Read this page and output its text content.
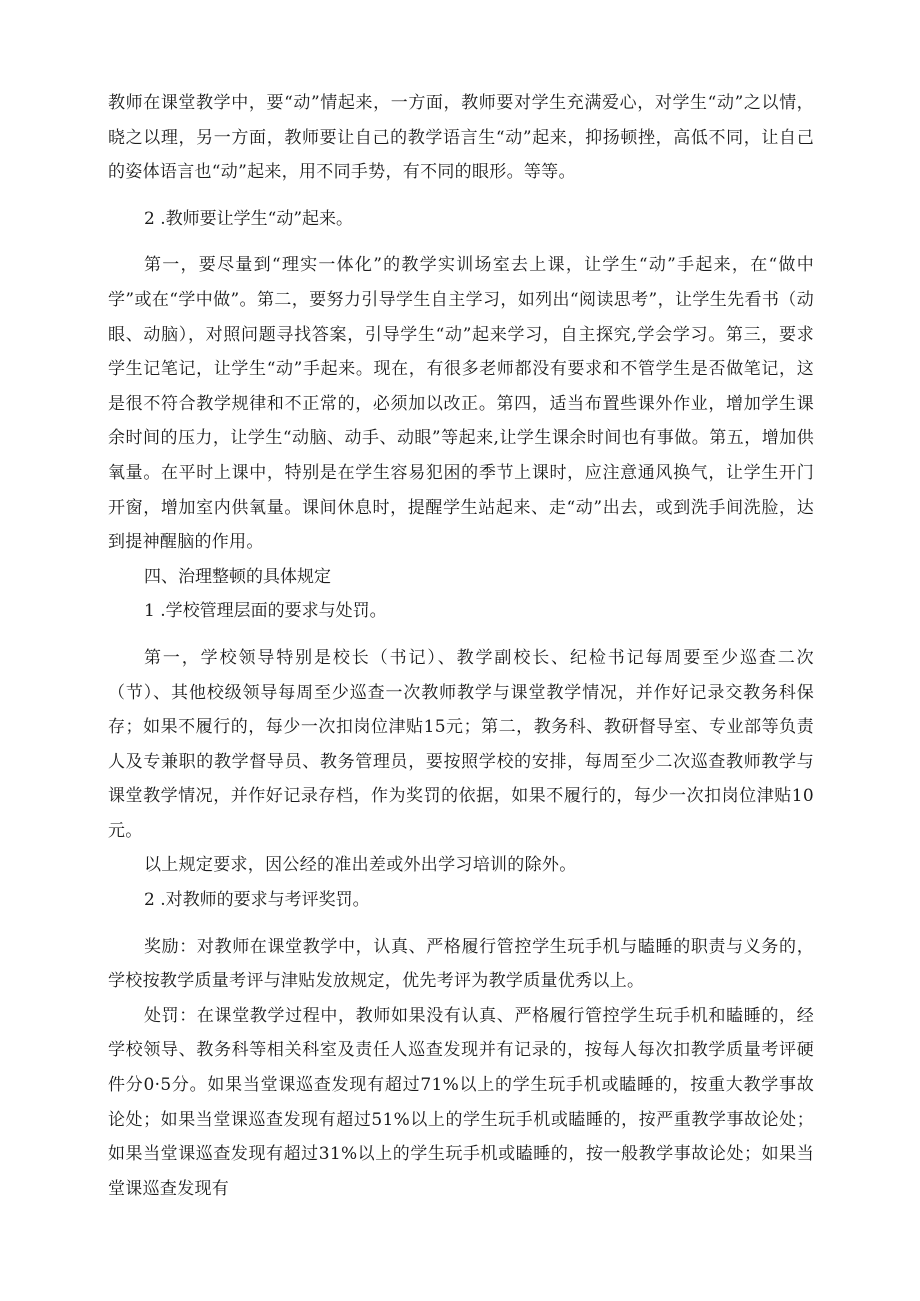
教师在课堂教学中，要“动”情起来，一方面，教师要对学生充满爱心，对学生“动”之以情，晓之以理，另一方面，教师要让自己的教学语言生“动”起来，抑扬顿挫，高低不同，让自己的姿体语言也“动”起来，用不同手势，有不同的眼形。等等。

2 .教师要让学生“动”起来。

第一，要尽量到“理实一体化”的教学实训场室去上课，让学生“动”手起来，在“做中学”或在“学中做”。第二，要努力引导学生自主学习，如列出“阅读思考”，让学生先看书（动眼、动脑），对照问题寻找答案，引导学生“动”起来学习，自主探究,学会学习。第三，要求学生记笔记，让学生“动”手起来。现在，有很多老师都没有要求和不管学生是否做笔记，这是很不符合教学规律和不正常的，必须加以改正。第四，适当布置些课外作业，增加学生课余时间的压力，让学生“动脑、动手、动眼”等起来,让学生课余时间也有事做。第五，增加供氧量。在平时上课中，特别是在学生容易犯困的季节上课时，应注意通风换气，让学生开门开窗，增加室内供氧量。课间休息时，提醒学生站起来、走“动”出去，或到洗手间洗脸，达到提神醒脑的作用。

四、治理整顿的具体规定

1 .学校管理层面的要求与处罚。

第一，学校领导特别是校长（书记）、教学副校长、纪检书记每周要至少巡查二次（节）、其他校级领导每周至少巡查一次教师教学与课堂教学情况，并作好记录交教务科保存；如果不履行的，每少一次扣岗位津贴15元；第二，教务科、教研督导室、专业部等负责人及专兼职的教学督导员、教务管理员，要按照学校的安排，每周至少二次巡查教师教学与课堂教学情况，并作好记录存档，作为奖罚的依据，如果不履行的，每少一次扣岗位津贴10元。

以上规定要求，因公经的准出差或外出学习培训的除外。

2 .对教师的要求与考评奖罚。

奖励：对教师在课堂教学中，认真、严格履行管控学生玩手机与瞌睡的职责与义务的，学校按教学质量考评与津贴发放规定，优先考评为教学质量优秀以上。

处罚：在课堂教学过程中，教师如果没有认真、严格履行管控学生玩手机和瞌睡的，经学校领导、教务科等相关科室及责任人巡查发现并有记录的，按每人每次扣教学质量考评硬件分0·5分。如果当堂课巡查发现有超过71%以上的学生玩手机或瞌睡的，按重大教学事故论处；如果当堂课巡查发现有超过51%以上的学生玩手机或瞌睡的，按严重教学事故论处；如果当堂课巡查发现有超过31%以上的学生玩手机或瞌睡的，按一般教学事故论处；如果当堂课巡查发现有
